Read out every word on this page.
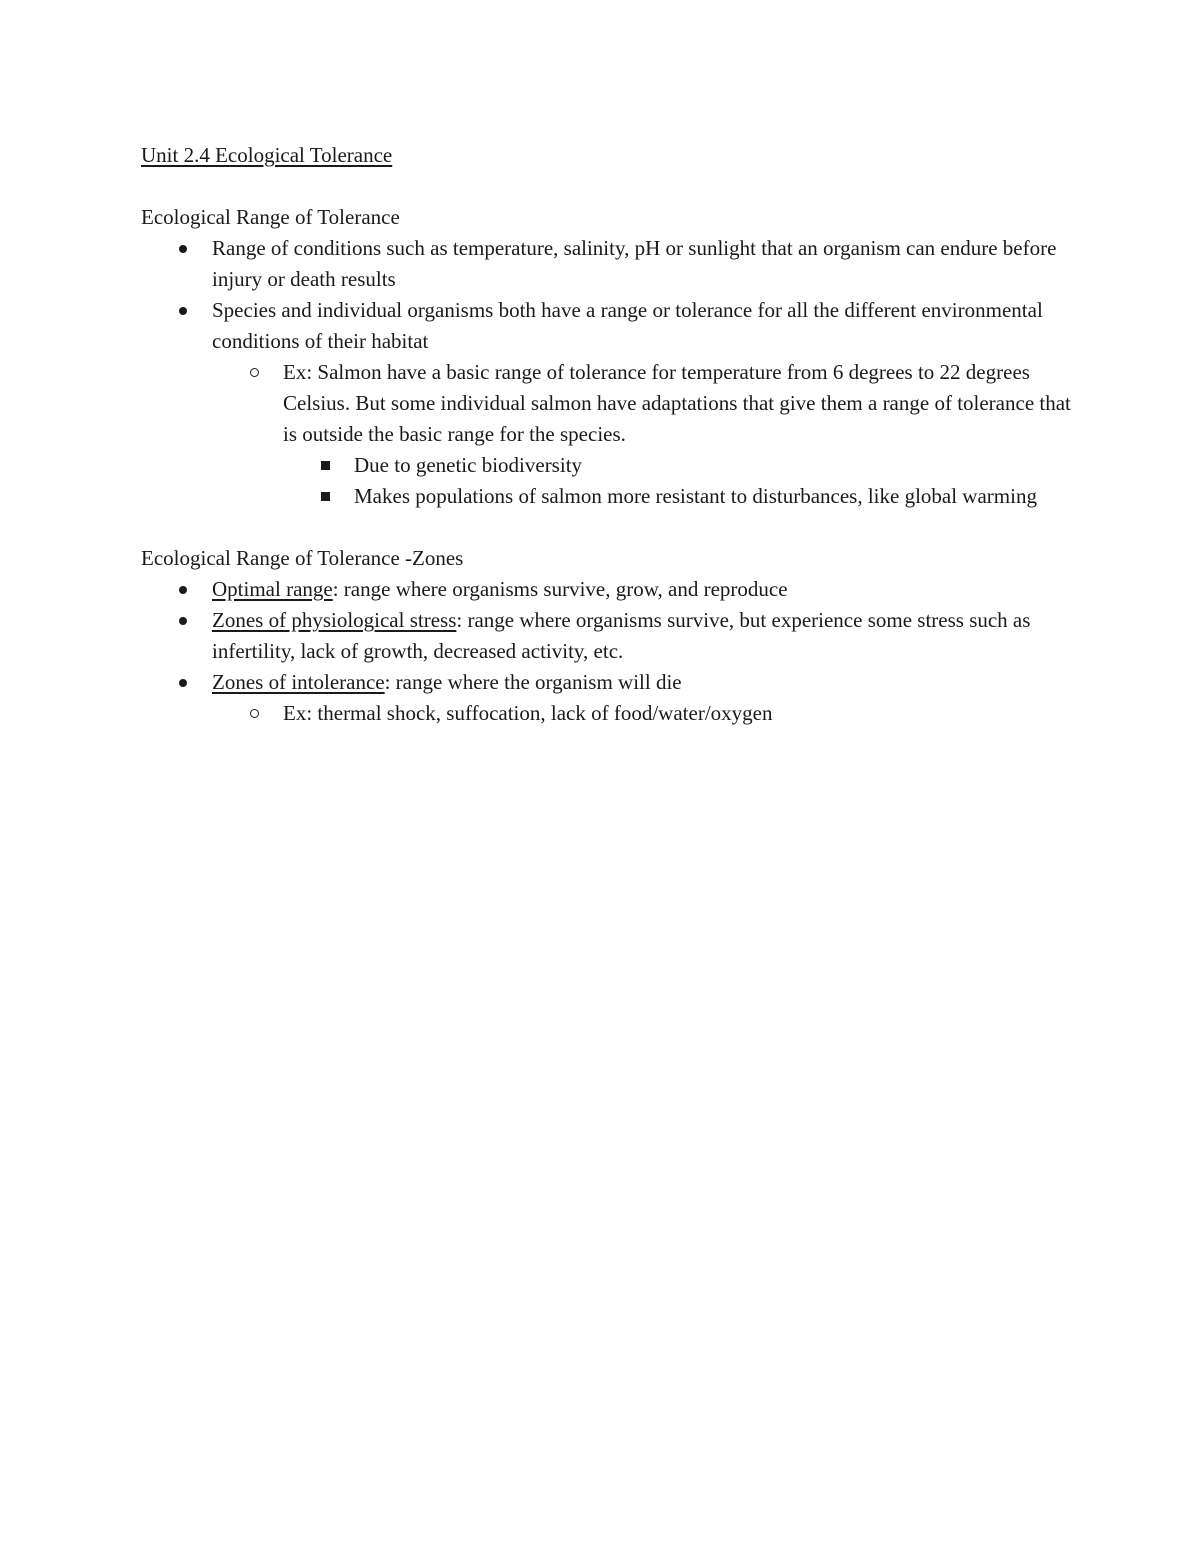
Unit 2.4 Ecological Tolerance

Ecological Range of Tolerance

Range of conditions such as temperature, salinity, pH or sunlight that an organism can endure before injury or death results
Species and individual organisms both have a range or tolerance for all the different environmental conditions of their habitat
Ex: Salmon have a basic range of tolerance for temperature from 6 degrees to 22 degrees Celsius. But some individual salmon have adaptations that give them a range of tolerance that is outside the basic range for the species.
Due to genetic biodiversity
Makes populations of salmon more resistant to disturbances, like global warming

Ecological Range of Tolerance -Zones

Optimal range: range where organisms survive, grow, and reproduce
Zones of physiological stress: range where organisms survive, but experience some stress such as infertility, lack of growth, decreased activity, etc.
Zones of intolerance: range where the organism will die
Ex: thermal shock, suffocation, lack of food/water/oxygen
